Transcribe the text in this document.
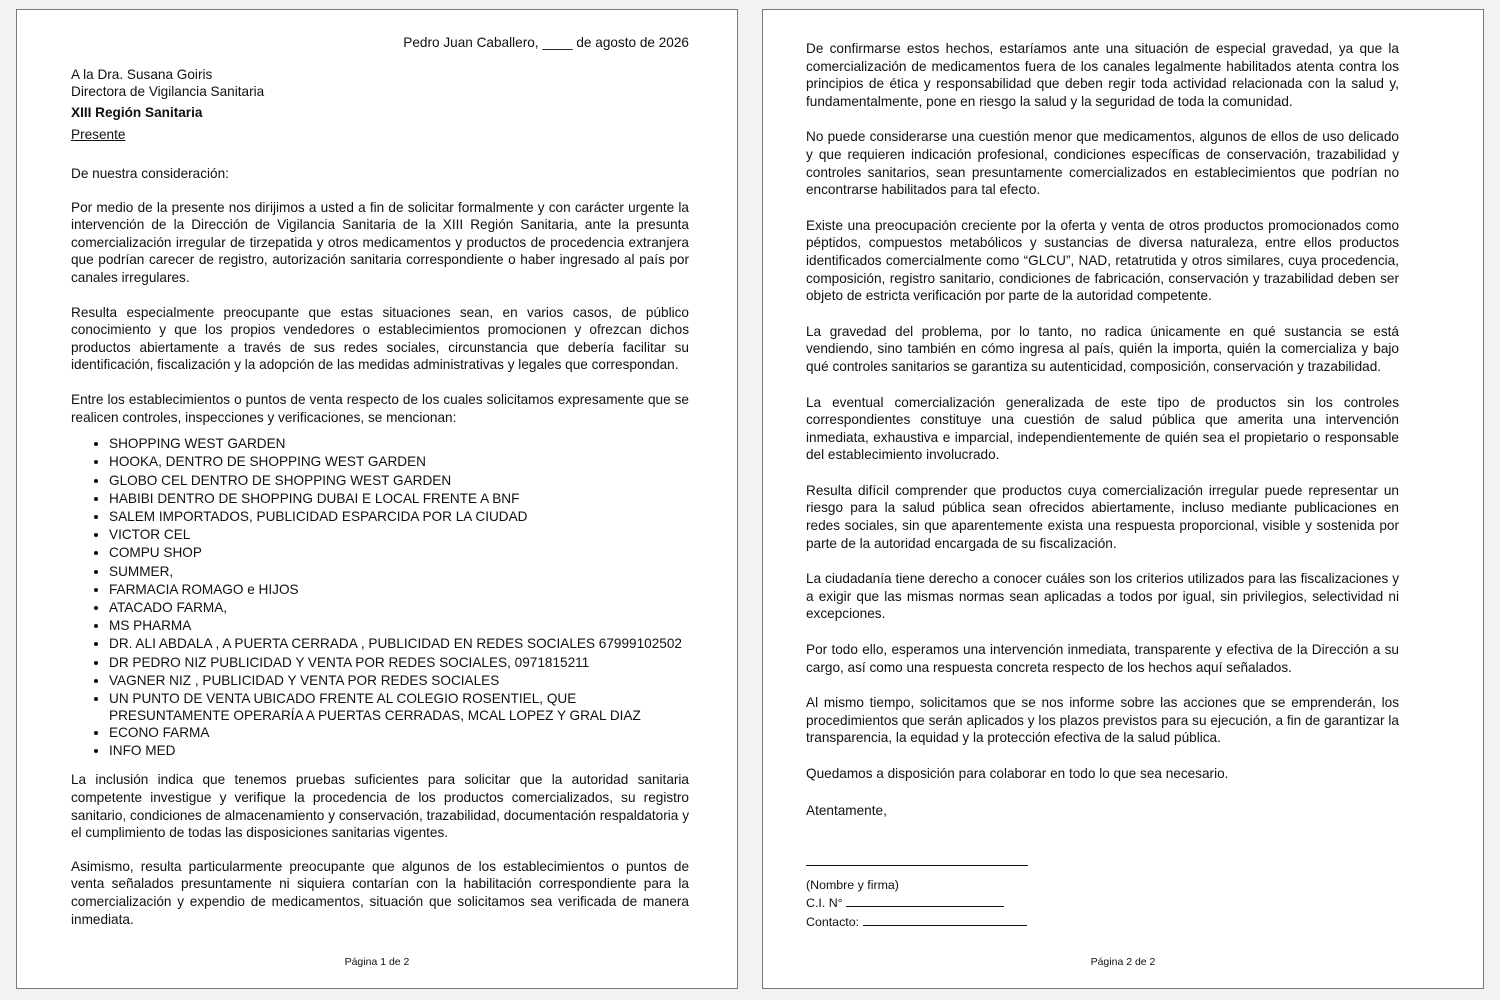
Pedro Juan Caballero, ____ de agosto de 2026

A la Dra. Susana Goiris

Directora de Vigilancia Sanitaria

XIII Región Sanitaria

Presente

De nuestra consideración:

Por medio de la presente nos dirijimos a usted a fin de solicitar formalmente y con carácter urgente la intervención de la Dirección de Vigilancia Sanitaria de la XIII Región Sanitaria, ante la presunta comercialización irregular de tirzepatida y otros medicamentos y productos de procedencia extranjera que podrían carecer de registro, autorización sanitaria correspondiente o haber ingresado al país por canales irregulares.

Resulta especialmente preocupante que estas situaciones sean, en varios casos, de público conocimiento y que los propios vendedores o establecimientos promocionen y ofrezcan dichos productos abiertamente a través de sus redes sociales, circunstancia que debería facilitar su identificación, fiscalización y la adopción de las medidas administrativas y legales que correspondan.

Entre los establecimientos o puntos de venta respecto de los cuales solicitamos expresamente que se realicen controles, inspecciones y verificaciones, se mencionan:

• SHOPPING WEST GARDEN
• HOOKA, DENTRO DE SHOPPING WEST GARDEN
• GLOBO CEL DENTRO DE SHOPPING WEST GARDEN
• HABIBI DENTRO DE SHOPPING DUBAI E LOCAL FRENTE A BNF
• SALEM IMPORTADOS, PUBLICIDAD ESPARCIDA POR LA CIUDAD
• VICTOR CEL
• COMPU SHOP
• SUMMER,
• FARMACIA ROMAGO e HIJOS
• ATACADO FARMA,
• MS PHARMA
• DR. ALI ABDALA , A PUERTA CERRADA , PUBLICIDAD EN REDES SOCIALES 67999102502
• DR PEDRO NIZ PUBLICIDAD Y VENTA POR REDES SOCIALES, 0971815211
• VAGNER NIZ , PUBLICIDAD Y VENTA POR REDES SOCIALES
• UN PUNTO DE VENTA UBICADO FRENTE AL COLEGIO ROSENTIEL, QUE PRESUNTAMENTE OPERARÍA A PUERTAS CERRADAS, MCAL LOPEZ Y GRAL DIAZ
• ECONO FARMA
• INFO MED

La inclusión indica que tenemos pruebas suficientes para solicitar que la autoridad sanitaria competente investigue y verifique la procedencia de los productos comercializados, su registro sanitario, condiciones de almacenamiento y conservación, trazabilidad, documentación respaldatoria y el cumplimiento de todas las disposiciones sanitarias vigentes.

Asimismo, resulta particularmente preocupante que algunos de los establecimientos o puntos de venta señalados presuntamente ni siquiera contarían con la habilitación correspondiente para la comercialización y expendio de medicamentos, situación que solicitamos sea verificada de manera inmediata.

Página 1 de 2

De confirmarse estos hechos, estaríamos ante una situación de especial gravedad, ya que la comercialización de medicamentos fuera de los canales legalmente habilitados atenta contra los principios de ética y responsabilidad que deben regir toda actividad relacionada con la salud y, fundamentalmente, pone en riesgo la salud y la seguridad de toda la comunidad.

No puede considerarse una cuestión menor que medicamentos, algunos de ellos de uso delicado y que requieren indicación profesional, condiciones específicas de conservación, trazabilidad y controles sanitarios, sean presuntamente comercializados en establecimientos que podrían no encontrarse habilitados para tal efecto.

Existe una preocupación creciente por la oferta y venta de otros productos promocionados como péptidos, compuestos metabólicos y sustancias de diversa naturaleza, entre ellos productos identificados comercialmente como “GLCU”, NAD, retatrutida y otros similares, cuya procedencia, composición, registro sanitario, condiciones de fabricación, conservación y trazabilidad deben ser objeto de estricta verificación por parte de la autoridad competente.

La gravedad del problema, por lo tanto, no radica únicamente en qué sustancia se está vendiendo, sino también en cómo ingresa al país, quién la importa, quién la comercializa y bajo qué controles sanitarios se garantiza su autenticidad, composición, conservación y trazabilidad.

La eventual comercialización generalizada de este tipo de productos sin los controles correspondientes constituye una cuestión de salud pública que amerita una intervención inmediata, exhaustiva e imparcial, independientemente de quién sea el propietario o responsable del establecimiento involucrado.

Resulta difícil comprender que productos cuya comercialización irregular puede representar un riesgo para la salud pública sean ofrecidos abiertamente, incluso mediante publicaciones en redes sociales, sin que aparentemente exista una respuesta proporcional, visible y sostenida por parte de la autoridad encargada de su fiscalización.

La ciudadanía tiene derecho a conocer cuáles son los criterios utilizados para las fiscalizaciones y a exigir que las mismas normas sean aplicadas a todos por igual, sin privilegios, selectividad ni excepciones.

Por todo ello, esperamos una intervención inmediata, transparente y efectiva de la Dirección a su cargo, así como una respuesta concreta respecto de los hechos aquí señalados.

Al mismo tiempo, solicitamos que se nos informe sobre las acciones que se emprenderán, los procedimientos que serán aplicados y los plazos previstos para su ejecución, a fin de garantizar la transparencia, la equidad y la protección efectiva de la salud pública.

Quedamos a disposición para colaborar en todo lo que sea necesario.

Atentamente,

(Nombre y firma)
C.I. N°
Contacto:
Página 2 de 2
